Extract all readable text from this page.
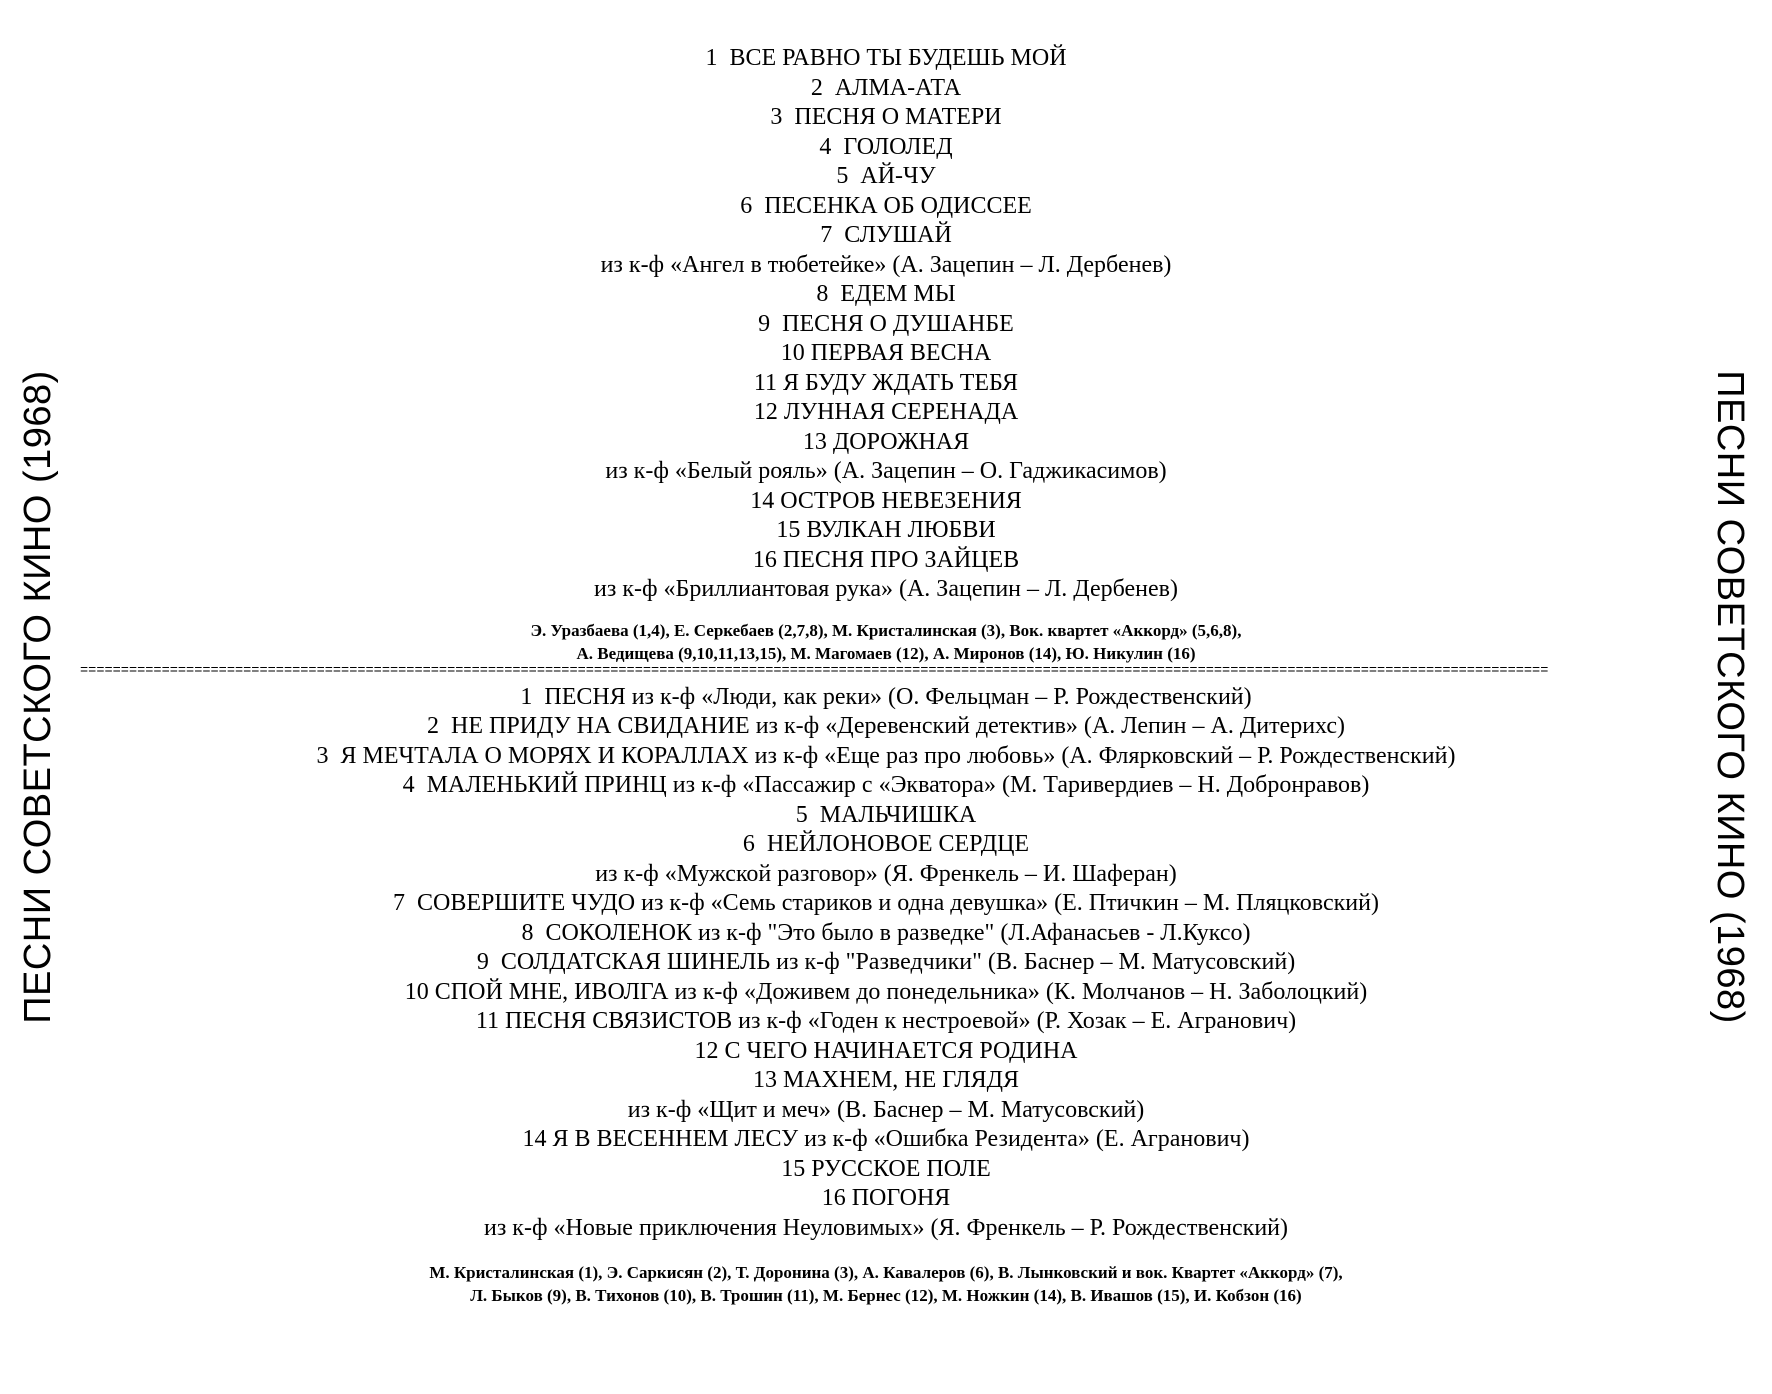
ПЕСНИ СОВЕТСКОГО КИНО (1968)	ПЕСНИ СОВЕТСКОГО КИНО (1968)
1  ВСЕ РАВНО ТЫ БУДЕШЬ МОЙ
2  АЛМА-АТА
3  ПЕСНЯ О МАТЕРИ
4  ГОЛОЛЕД
5  АЙ-ЧУ
6  ПЕСЕНКА ОБ ОДИССЕЕ
7  СЛУШАЙ
из к-ф «Ангел в тюбетейке» (А. Зацепин – Л. Дербенев)
8  ЕДЕМ МЫ
9  ПЕСНЯ О ДУШАНБЕ
10 ПЕРВАЯ ВЕСНА
11 Я БУДУ ЖДАТЬ ТЕБЯ
12 ЛУННАЯ СЕРЕНАДА
13 ДОРОЖНАЯ
из к-ф «Белый рояль» (А. Зацепин – О. Гаджикасимов)
14 ОСТРОВ НЕВЕЗЕНИЯ
15 ВУЛКАН ЛЮБВИ
16 ПЕСНЯ ПРО ЗАЙЦЕВ
из к-ф «Бриллиантовая рука» (А. Зацепин – Л. Дербенев)
Э. Уразбаева (1,4), Е. Серкебаев (2,7,8), М. Кристалинская (3), Вок. квартет «Аккорд» (5,6,8),
А. Ведищева (9,10,11,13,15), М. Магомаев (12), А. Миронов (14), Ю. Никулин (16)
====================================================================================================================================================================================
1  ПЕСНЯ из к-ф «Люди, как реки» (О. Фельцман – Р. Рождественский)
2  НЕ ПРИДУ НА СВИДАНИЕ из к-ф «Деревенский детектив» (А. Лепин – А. Дитерихс)
3  Я МЕЧТАЛА О МОРЯХ И КОРАЛЛАХ из к-ф «Еще раз про любовь» (А. Флярковский – Р. Рождественский)
4  МАЛЕНЬКИЙ ПРИНЦ из к-ф «Пассажир с «Экватора» (М. Таривердиев – Н. Добронравов)
5  МАЛЬЧИШКА
6  НЕЙЛОНОВОЕ СЕРДЦЕ
из к-ф «Мужской разговор» (Я. Френкель – И. Шаферан)
7  СОВЕРШИТЕ ЧУДО из к-ф «Семь стариков и одна девушка» (Е. Птичкин – М. Пляцковский)
8  СОКОЛЕНОК из к-ф "Это было в разведке" (Л.Афанасьев - Л.Куксо)
9  СОЛДАТСКАЯ ШИНЕЛЬ из к-ф "Разведчики" (В. Баснер – М. Матусовский)
10 СПОЙ МНЕ, ИВОЛГА из к-ф «Доживем до понедельника» (К. Молчанов – Н. Заболоцкий)
11 ПЕСНЯ СВЯЗИСТОВ из к-ф «Годен к нестроевой» (Р. Хозак – Е. Агранович)
12 С ЧЕГО НАЧИНАЕТСЯ РОДИНА
13 МАХНЕМ, НЕ ГЛЯДЯ
из к-ф «Щит и меч» (В. Баснер – М. Матусовский)
14 Я В ВЕСЕННЕМ ЛЕСУ из к-ф «Ошибка Резидента» (Е. Агранович)
15 РУССКОЕ ПОЛЕ
16 ПОГОНЯ
из к-ф «Новые приключения Неуловимых» (Я. Френкель – Р. Рождественский)
М. Кристалинская (1), Э. Саркисян (2), Т. Доронина (3), А. Кавалеров (6), В. Лынковский и вок. Квартет «Аккорд» (7),
Л. Быков (9), В. Тихонов (10), В. Трошин (11), М. Бернес (12), М. Ножкин (14), В. Ивашов (15), И. Кобзон (16)
